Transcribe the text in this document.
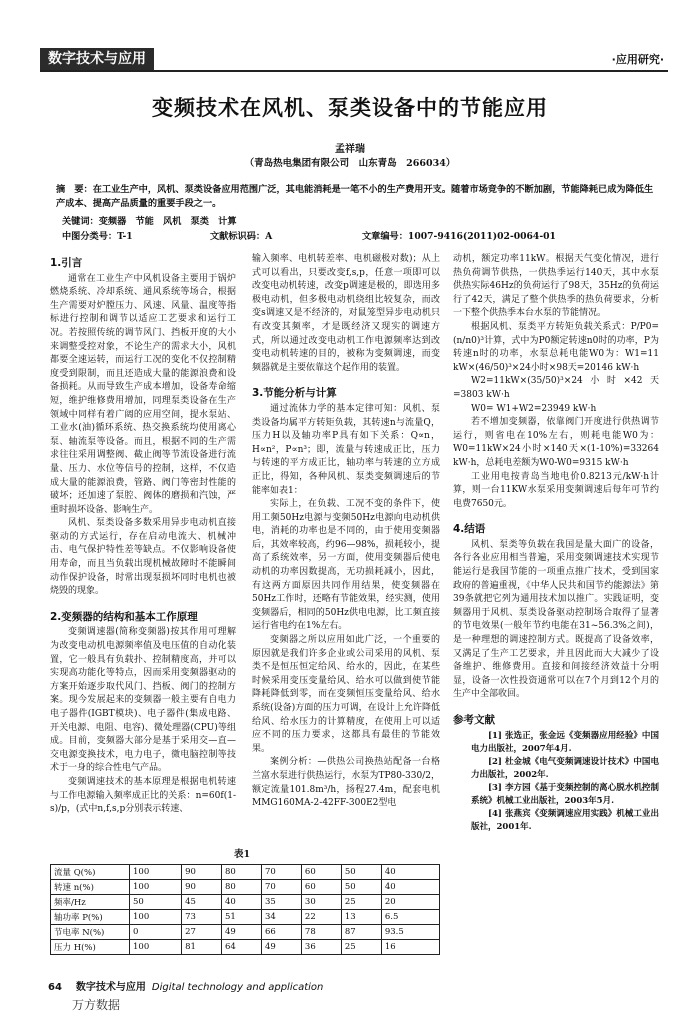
数字技术与应用	·应用研究·
变频技术在风机、泵类设备中的节能应用
孟祥瑞
（青岛热电集团有限公司　山东青岛　266034）
摘　要：在工业生产中，风机、泵类设备应用范围广泛，其电能消耗是一笔不小的生产费用开支。随着市场竞争的不断加剧，节能降耗已成为降低生产成本、提高产品质量的重要手段之一。
关键词：变频器　节能　风机　泵类　计算
中图分类号：T-1	文献标识码：A	文章编号：1007-9416(2011)02-0064-01
1.引言

通常在工业生产中风机设备主要用于锅炉燃烧系统、冷却系统、通风系统等场合，根据生产需要对炉膛压力、风速、风量、温度等指标进行控制和调节以适应工艺要求和运行工况。若按照传统的调节风门、挡板开度的大小来调整受控对象，不论生产的需求大小，风机都要全速运转，而运行工况的变化不仅控制精度受到限制，而且还造成大量的能源浪费和设备损耗。从而导致生产成本增加，设备寿命缩短，维护维修费用增加，同理泵类设备在生产领域中同样有着广阔的应用空间，提水泵站、工业水(油)循环系统、热交换系统均使用离心泵、轴流泵等设备。而且，根据不同的生产需求往往采用调整阀、截止阀等节流设备进行流量、压力、水位等信号的控制，这样，不仅造成大量的能源浪费，管路、阀门等密封性能的破坏；还加速了泵腔、阀体的磨损和汽蚀，严重时损坏设备、影响生产。

风机、泵类设备多数采用异步电动机直接驱动的方式运行，存在启动电流大、机械冲击、电气保护特性差等缺点。不仅影响设备使用寿命，而且当负载出现机械故障时不能瞬间动作保护设备，时常出现泵损坏同时电机也被烧毁的现象。

2.变频器的结构和基本工作原理

变频调速器(简称变频器)按其作用可理解为改变电动机电源频率值及电压值的自动化装置，它一般具有负载扑、控制精度高，并可以实现高功能化等特点，因而采用变频器驱动的方案开始逐步取代风门、挡板、阀门的控制方案。现今发展起来的变频器一般主要有自电力电子器件(IGBT模块)、电子器件(集成电路、开关电源、电阻、电容)、微处理器(CPU)等组成。目前，变频器大部分是基于采用交—直—交电源变换技术，电力电子，微电脑控制等技术于一身的综合性电气产品。

变频调速技术的基本原理是根据电机转速与工作电源输入频率成正比的关系：n=60f(1-s)/p，(式中n,f,s,p分别表示转速、

输入频率、电机转差率、电机磁极对数)；从上式可以看出，只要改变f,s,p，任意一项即可以改变电动机转速，改变p调速是极的，即选用多极电动机，但多极电动机绕组比较复杂，而改变s调速又是不经济的，对鼠笼型异步电动机只有改变其频率，才是既经济又现实的调速方式，所以通过改变电动机工作电源频率达到改变电动机转速的目的，被称为变频调速，而变频器就是主要依靠这个起作用的装置。

3.节能分析与计算

通过流体力学的基本定律可知：风机、泵类设备均属平方转矩负载，其转速n与流量Q，压力H以及轴功率P具有如下关系：Q∝n，H∝n²，P∝n³；即，流量与转速成正比，压力与转速的平方成正比，轴功率与转速的立方成正比，得知，各种风机、泵类变频调速后的节能率如表1：

实际上，在负载、工况不变的条件下，使用工频50Hz电源与变频50Hz电源向电动机供电，消耗的功率也是不同的，由于使用变频器后，其效率较高，约96—98%，损耗较小，提高了系统效率，另一方面，使用变频器后使电动机的功率因数提高，无功损耗减小，因此，有这两方面原因共同作用结果，使变频器在50Hz工作时，还略有节能效果，经实测，使用变频器后，相同的50Hz供电电源，比工频直接运行省电约在1%左右。

变频器之所以应用如此广泛，一个重要的原因就是我们许多企业或公司采用的风机、泵类不是恒压恒定给风、给水的，因此，在某些时候采用变压变量给风、给水可以做到使节能降耗降低到零，而在变频恒压变量给风、给水系统(设备)方面的压力可调，在设计上允许降低给风、给水压力的计算精度，在使用上可以适应不同的压力要求，这都具有最佳的节能效果。

案例分析：—供热公司换热站配备一台格兰富水泵进行供热运行，水泵为TP80-330/2，额定流量101.8m³/h，扬程27.4m，配套电机MMG160MA-2-42FF-300E2型电

动机，额定功率11kW。根据天气变化情况，进行热负荷调节供热，一供热季运行140天，其中水泵供热实际46Hz的负荷运行了98天，35Hz的负荷运行了42天，满足了整个供热季的热负荷要求，分析一下整个供热季本台水泵的节能情况。

根据风机、泵类平方转矩负载关系式：P/P0=(n/n0)³计算，式中为P0额定转速n0时的功率，P为转速n时的功率，水泵总耗电能W0为：W1=11 kW×(46/50)³×24小时×98天=20146 kW·h

W2=11kW×(35/50)³×24小时×42天=3803 kW·h

W0= W1+W2=23949 kW·h

若不增加变频器，依靠阀门开度进行供热调节运行，则省电在10%左右，则耗电能W0为：W0=11kW×24小时×140天×(1-10%)=33264 kW·h，总耗电差额为W0-W0=9315 kW·h

工业用电按青岛当地电价0.8213元/kW·h计算，则一台11KW水泵采用变频调速后每年可节约电费7650元。

4.结语

风机、泵类等负载在我国是量大面广的设备，各行各业应用相当普遍，采用变频调速技术实现节能运行是我国节能的一项重点推广技术，受到国家政府的普遍重视，《中华人民共和国节约能源法》第39条就把它列为通用技术加以推广。实践证明，变频器用于风机、泵类设备驱动控制场合取得了显著的节电效果(一般年节约电能在31~56.3%之间)，是一种理想的调速控制方式。既提高了设备效率，又满足了生产工艺要求，并且因此而大大减少了设备维护、维修费用。直接和间接经济效益十分明显，设备一次性投资通常可以在7个月到12个月的生产中全部收回。

参考文献

[1] 张选正，张金远《变频器应用经验》中国电力出版社，2007年4月.

[2] 杜金城《电气变频调速设计技术》中国电力出版社，2002年.

[3] 李方园《基于变频控制的离心脱水机控制系统》机械工业出版社，2003年5月.

[4] 张燕宾《变频调速应用实践》机械工业出版社，2001年.

表1
流量 Q(%)	100	90	80	70	60	50	40
转速 n(%)	100	90	80	70	60	50	40
频率/Hz	50	45	40	35	30	25	20
轴功率 P(%)	100	73	51	34	22	13	6.5
节电率 N(%)	0	27	49	66	78	87	93.5
压力 H(%)	100	81	64	49	36	25	16
64 数字技术与应用 Digital technology and application
万方数据
